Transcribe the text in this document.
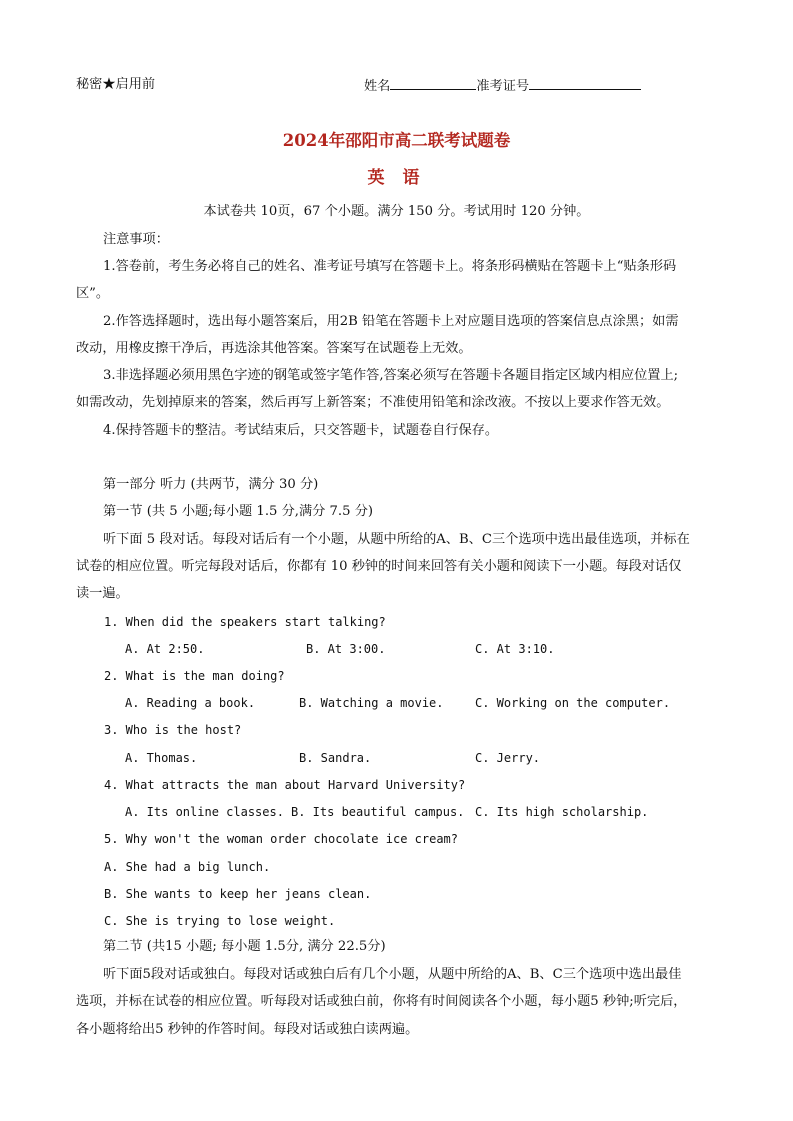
秘密★启用前	姓名	准考证号
2024年邵阳市高二联考试题卷
英 语
本试卷共 10页，67 个小题。满分 150 分。考试用时 120 分钟。
注意事项：
1.答卷前，考生务必将自己的姓名、准考证号填写在答题卡上。将条形码横贴在答题卡上“贴条形码
区”。
2.作答选择题时，选出每小题答案后，用2B 铅笔在答题卡上对应题目选项的答案信息点涂黑；如需
改动，用橡皮擦干净后，再选涂其他答案。答案写在试题卷上无效。
3.非选择题必须用黑色字迹的钢笔或签字笔作答,答案必须写在答题卡各题目指定区域内相应位置上;
如需改动，先划掉原来的答案，然后再写上新答案；不准使用铅笔和涂改液。不按以上要求作答无效。
4.保持答题卡的整洁。考试结束后，只交答题卡，试题卷自行保存。
第一部分 听力 (共两节，满分 30 分)
第一节 (共 5 小题;每小题 1.5 分,满分 7.5 分)
听下面 5 段对话。每段对话后有一个小题，从题中所给的A、B、C三个选项中选出最佳选项，并标在
试卷的相应位置。听完每段对话后，你都有 10 秒钟的时间来回答有关小题和阅读下一小题。每段对话仅
读一遍。
1. When did the speakers start talking?
A. At 2:50.	B. At 3:00.	C. At 3:10.
2. What is the man doing?
A. Reading a book.	B. Watching a movie.	C. Working on the computer.
3. Who is the host?
A. Thomas.	B. Sandra.	C. Jerry.
4. What attracts the man about Harvard University?
A. Its online classes. B. Its beautiful campus. C. Its high scholarship.
5. Why won't the woman order chocolate ice cream?
A. She had a big lunch.
B. She wants to keep her jeans clean.
C. She is trying to lose weight.
第二节 (共15 小题; 每小题 1.5分, 满分 22.5分)
听下面5段对话或独白。每段对话或独白后有几个小题，从题中所给的A、B、C三个选项中选出最佳
选项，并标在试卷的相应位置。听每段对话或独白前，你将有时间阅读各个小题，每小题5 秒钟;听完后，
各小题将给出5 秒钟的作答时间。每段对话或独白读两遍。
